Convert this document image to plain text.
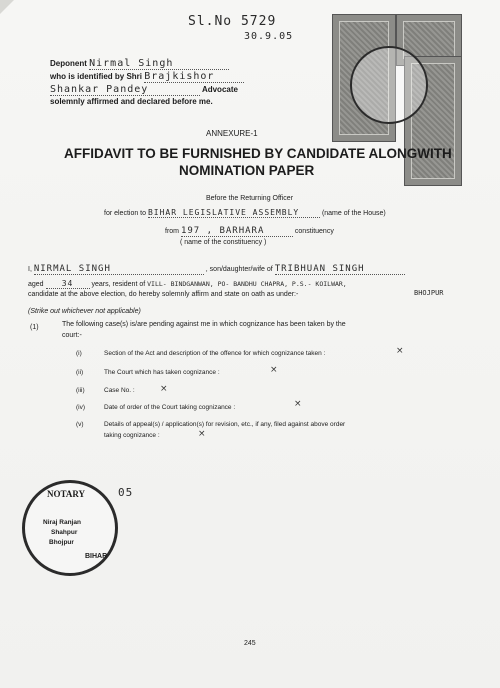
Sl.No 5729
30.9.05
Deponent Nirmal Singh
who is identified by Shri Brajkishor
Shankar Pandey	Advocate
solemnly affirmed and declared before me.
ANNEXURE-1
AFFIDAVIT TO BE FURNISHED BY CANDIDATE ALONGWITH
NOMINATION PAPER
Before the Returning Officer
for election to BIHAR LEGISLATIVE ASSEMBLY	(name of the House)
from 197 , BARHARA	constituency
( name of the constituency )
I, NIRMAL SINGH	, son/daughter/wife of TRIBHUAN SINGH
aged 34	years, resident of VILL- BINDGANWAN, PO- BANDHU CHAPRA, P.S.- KOILWAR,
BHOJPUR
candidate at the above election, do hereby solemnly affirm and state on oath as under:-
(Strike out whichever not applicable)
(1)	The following case(s) is/are pending against me in which cognizance has been taken by the
court:-
(i)	Section of the Act and description of the offence for which cognizance taken :	×
(ii)	The Court which has taken cognizance :	×
(iii)	Case No. :	×
(iv)	Date of order of the Court taking cognizance :	×
(v)	Details of appeal(s) / application(s) for revision, etc., if any, filed against above order
taking cognizance :	×
NOTARY
Niraj Ranjan
Shahpur
Bhojpur
BIHAR
05
245
